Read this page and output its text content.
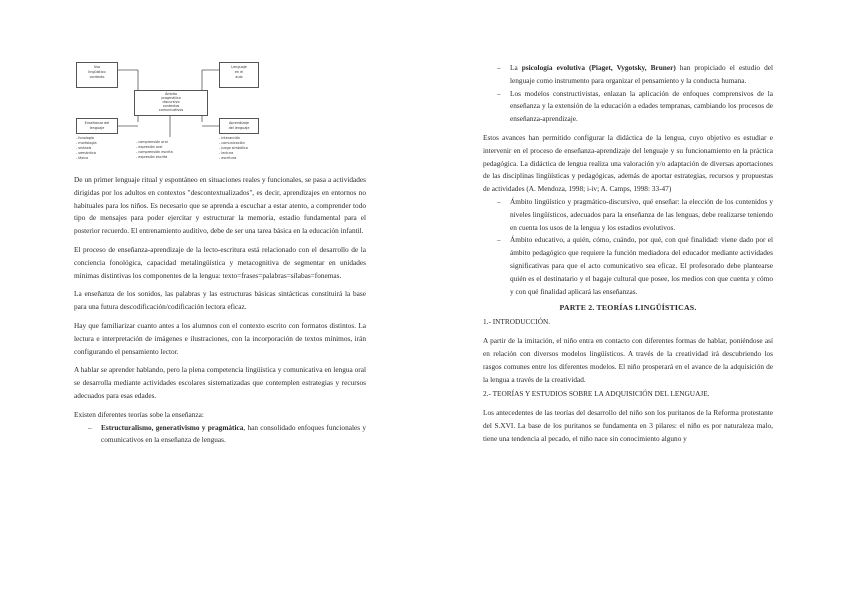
Uso
lingüístico
contexto
Lenguaje
en el
aula
Ámbito
pragmático
discursivo
contextos
comunicativos
Enseñanza del
lenguaje
Aprendizaje
del lenguaje
- fonología
- morfología
- sintaxis
- semántica
- léxico
- comprensión oral
- expresión oral
- comprensión escrita
- expresión escrita
- interacción
- comunicación
- juego simbólico
- lectura
- escritura

De un primer lenguaje ritual y espontáneo en situaciones reales y funcionales, se pasa a actividades dirigidas por los adultos en contextos "descontextualizados", es decir, aprendizajes en entornos no habituales para los niños. Es necesario que se aprenda a escuchar a estar atento, a comprender todo tipo de mensajes para poder ejercitar y estructurar la memoria, estadio fundamental para el posterior recuerdo. El entrenamiento auditivo, debe de ser una tarea básica en la educación infantil.

El proceso de enseñanza-aprendizaje de la lecto-escritura está relacionado con el desarrollo de la conciencia fonológica, capacidad metalingüística y metacognitiva de segmentar en unidades mínimas distintivas los componentes de la lengua: texto=frases=palabras=sílabas=fonemas.

La enseñanza de los sonidos, las palabras y las estructuras básicas sintácticas constituirá la base para una futura descodificación/codificación lectora eficaz.

Hay que familiarizar cuanto antes a los alumnos con el contexto escrito con formatos distintos. La lectura e interpretación de imágenes e ilustraciones, con la incorporación de textos mínimos, irán configurando el pensamiento lector.

A hablar se aprender hablando, pero la plena competencia lingüística y comunicativa en lengua oral se desarrolla mediante actividades escolares sistematizadas que contemplen estrategias y recursos adecuados para esas edades.

Existen diferentes teorías sobe la enseñanza:

– Estructuralismo, generativismo y pragmática, han consolidado enfoques funcionales y comunicativos en la enseñanza de lenguas.
– La psicología evolutiva (Piaget, Vygotsky, Bruner) han propiciado el estudio del lenguaje como instrumento para organizar el pensamiento y la conducta humana.
– Los modelos constructivistas, enlazan la aplicación de enfoques comprensivos de la enseñanza y la extensión de la educación a edades tempranas, cambiando los procesos de enseñanza-aprendizaje.

Estos avances han permitido configurar la didáctica de la lengua, cuyo objetivo es estudiar e intervenir en el proceso de enseñanza-aprendizaje del lenguaje y su funcionamiento en la práctica pedagógica. La didáctica de lengua realiza una valoración y/o adaptación de diversas aportaciones de las disciplinas lingüísticas y pedagógicas, además de aportar estrategias, recursos y propuestas de actividades (A. Mendoza, 1998; i-iv; A. Camps, 1998: 33-47)

– Ámbito lingüístico y pragmático-discursivo, qué enseñar: la elección de los contenidos y niveles lingüísticos, adecuados para la enseñanza de las lenguas, debe realizarse teniendo en cuenta los usos de la lengua y los estadios evolutivos.
– Ámbito educativo, a quién, cómo, cuándo, por qué, con qué finalidad: viene dado por el ámbito pedagógico que requiere la función mediadora del educador mediante actividades significativas para que el acto comunicativo sea eficaz. El profesorado debe plantearse quién es el destinatario y el bagaje cultural que posee, los medios con que cuenta y cómo y con qué finalidad aplicará las enseñanzas.
PARTE 2. TEORÍAS LINGÜÍSTICAS.
1.- INTRODUCCIÓN.

A partir de la imitación, el niño entra en contacto con diferentes formas de hablar, poniéndose así en relación con diversos modelos lingüísticos. A través de la creatividad irá descubriendo los rasgos comunes entre los diferentes modelos. El niño prosperará en el avance de la adquisición de la lengua a través de la creatividad.

2.- TEORÍAS Y ESTUDIOS SOBRE LA ADQUISICIÓN DEL LENGUAJE.

Los antecedentes de las teorías del desarrollo del niño son los puritanos de la Reforma protestante del S.XVI. La base de los puritanos se fundamenta en 3 pilares: el niño es por naturaleza malo, tiene una tendencia al pecado, el niño nace sin conocimiento alguno y
